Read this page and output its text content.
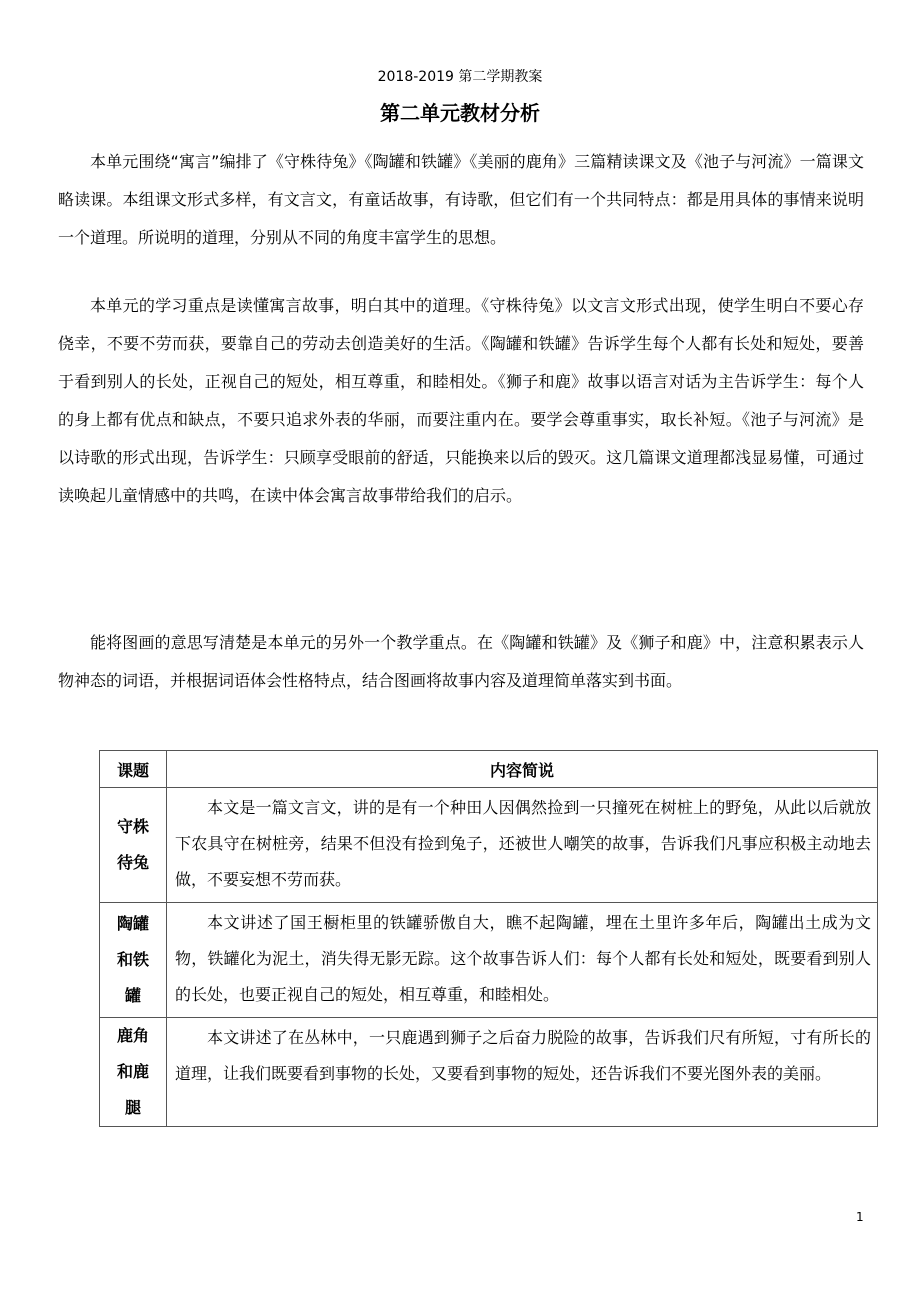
2018-2019 第二学期教案
第二单元教材分析

本单元围绕“寓言”编排了《守株待兔》《陶罐和铁罐》《美丽的鹿角》三篇精读课文及《池子与河流》一篇课文略读课。本组课文形式多样，有文言文，有童话故事，有诗歌，但它们有一个共同特点：都是用具体的事情来说明一个道理。所说明的道理，分别从不同的角度丰富学生的思想。

本单元的学习重点是读懂寓言故事，明白其中的道理。《守株待兔》以文言文形式出现，使学生明白不要心存侥幸，不要不劳而获，要靠自己的劳动去创造美好的生活。《陶罐和铁罐》告诉学生每个人都有长处和短处，要善于看到别人的长处，正视自己的短处，相互尊重，和睦相处。《狮子和鹿》故事以语言对话为主告诉学生：每个人的身上都有优点和缺点，不要只追求外表的华丽，而要注重内在。要学会尊重事实，取长补短。《池子与河流》是以诗歌的形式出现，告诉学生：只顾享受眼前的舒适，只能换来以后的毁灭。这几篇课文道理都浅显易懂，可通过读唤起儿童情感中的共鸣，在读中体会寓言故事带给我们的启示。

能将图画的意思写清楚是本单元的另外一个教学重点。在《陶罐和铁罐》及《狮子和鹿》中，注意积累表示人物神态的词语，并根据词语体会性格特点，结合图画将故事内容及道理简单落实到书面。

课题	内容简说

守株待兔	本文是一篇文言文，讲的是有一个种田人因偶然捡到一只撞死在树桩上的野兔，从此以后就放下农具守在树桩旁，结果不但没有捡到兔子，还被世人嘲笑的故事，告诉我们凡事应积极主动地去做，不要妄想不劳而获。

陶罐和铁罐	本文讲述了国王橱柜里的铁罐骄傲自大，瞧不起陶罐，埋在土里许多年后，陶罐出土成为文物，铁罐化为泥土，消失得无影无踪。这个故事告诉人们：每个人都有长处和短处，既要看到别人的长处，也要正视自己的短处，相互尊重，和睦相处。

鹿角和鹿腿	本文讲述了在丛林中，一只鹿遇到狮子之后奋力脱险的故事，告诉我们尺有所短，寸有所长的道理，让我们既要看到事物的长处，又要看到事物的短处，还告诉我们不要光图外表的美丽。
1
